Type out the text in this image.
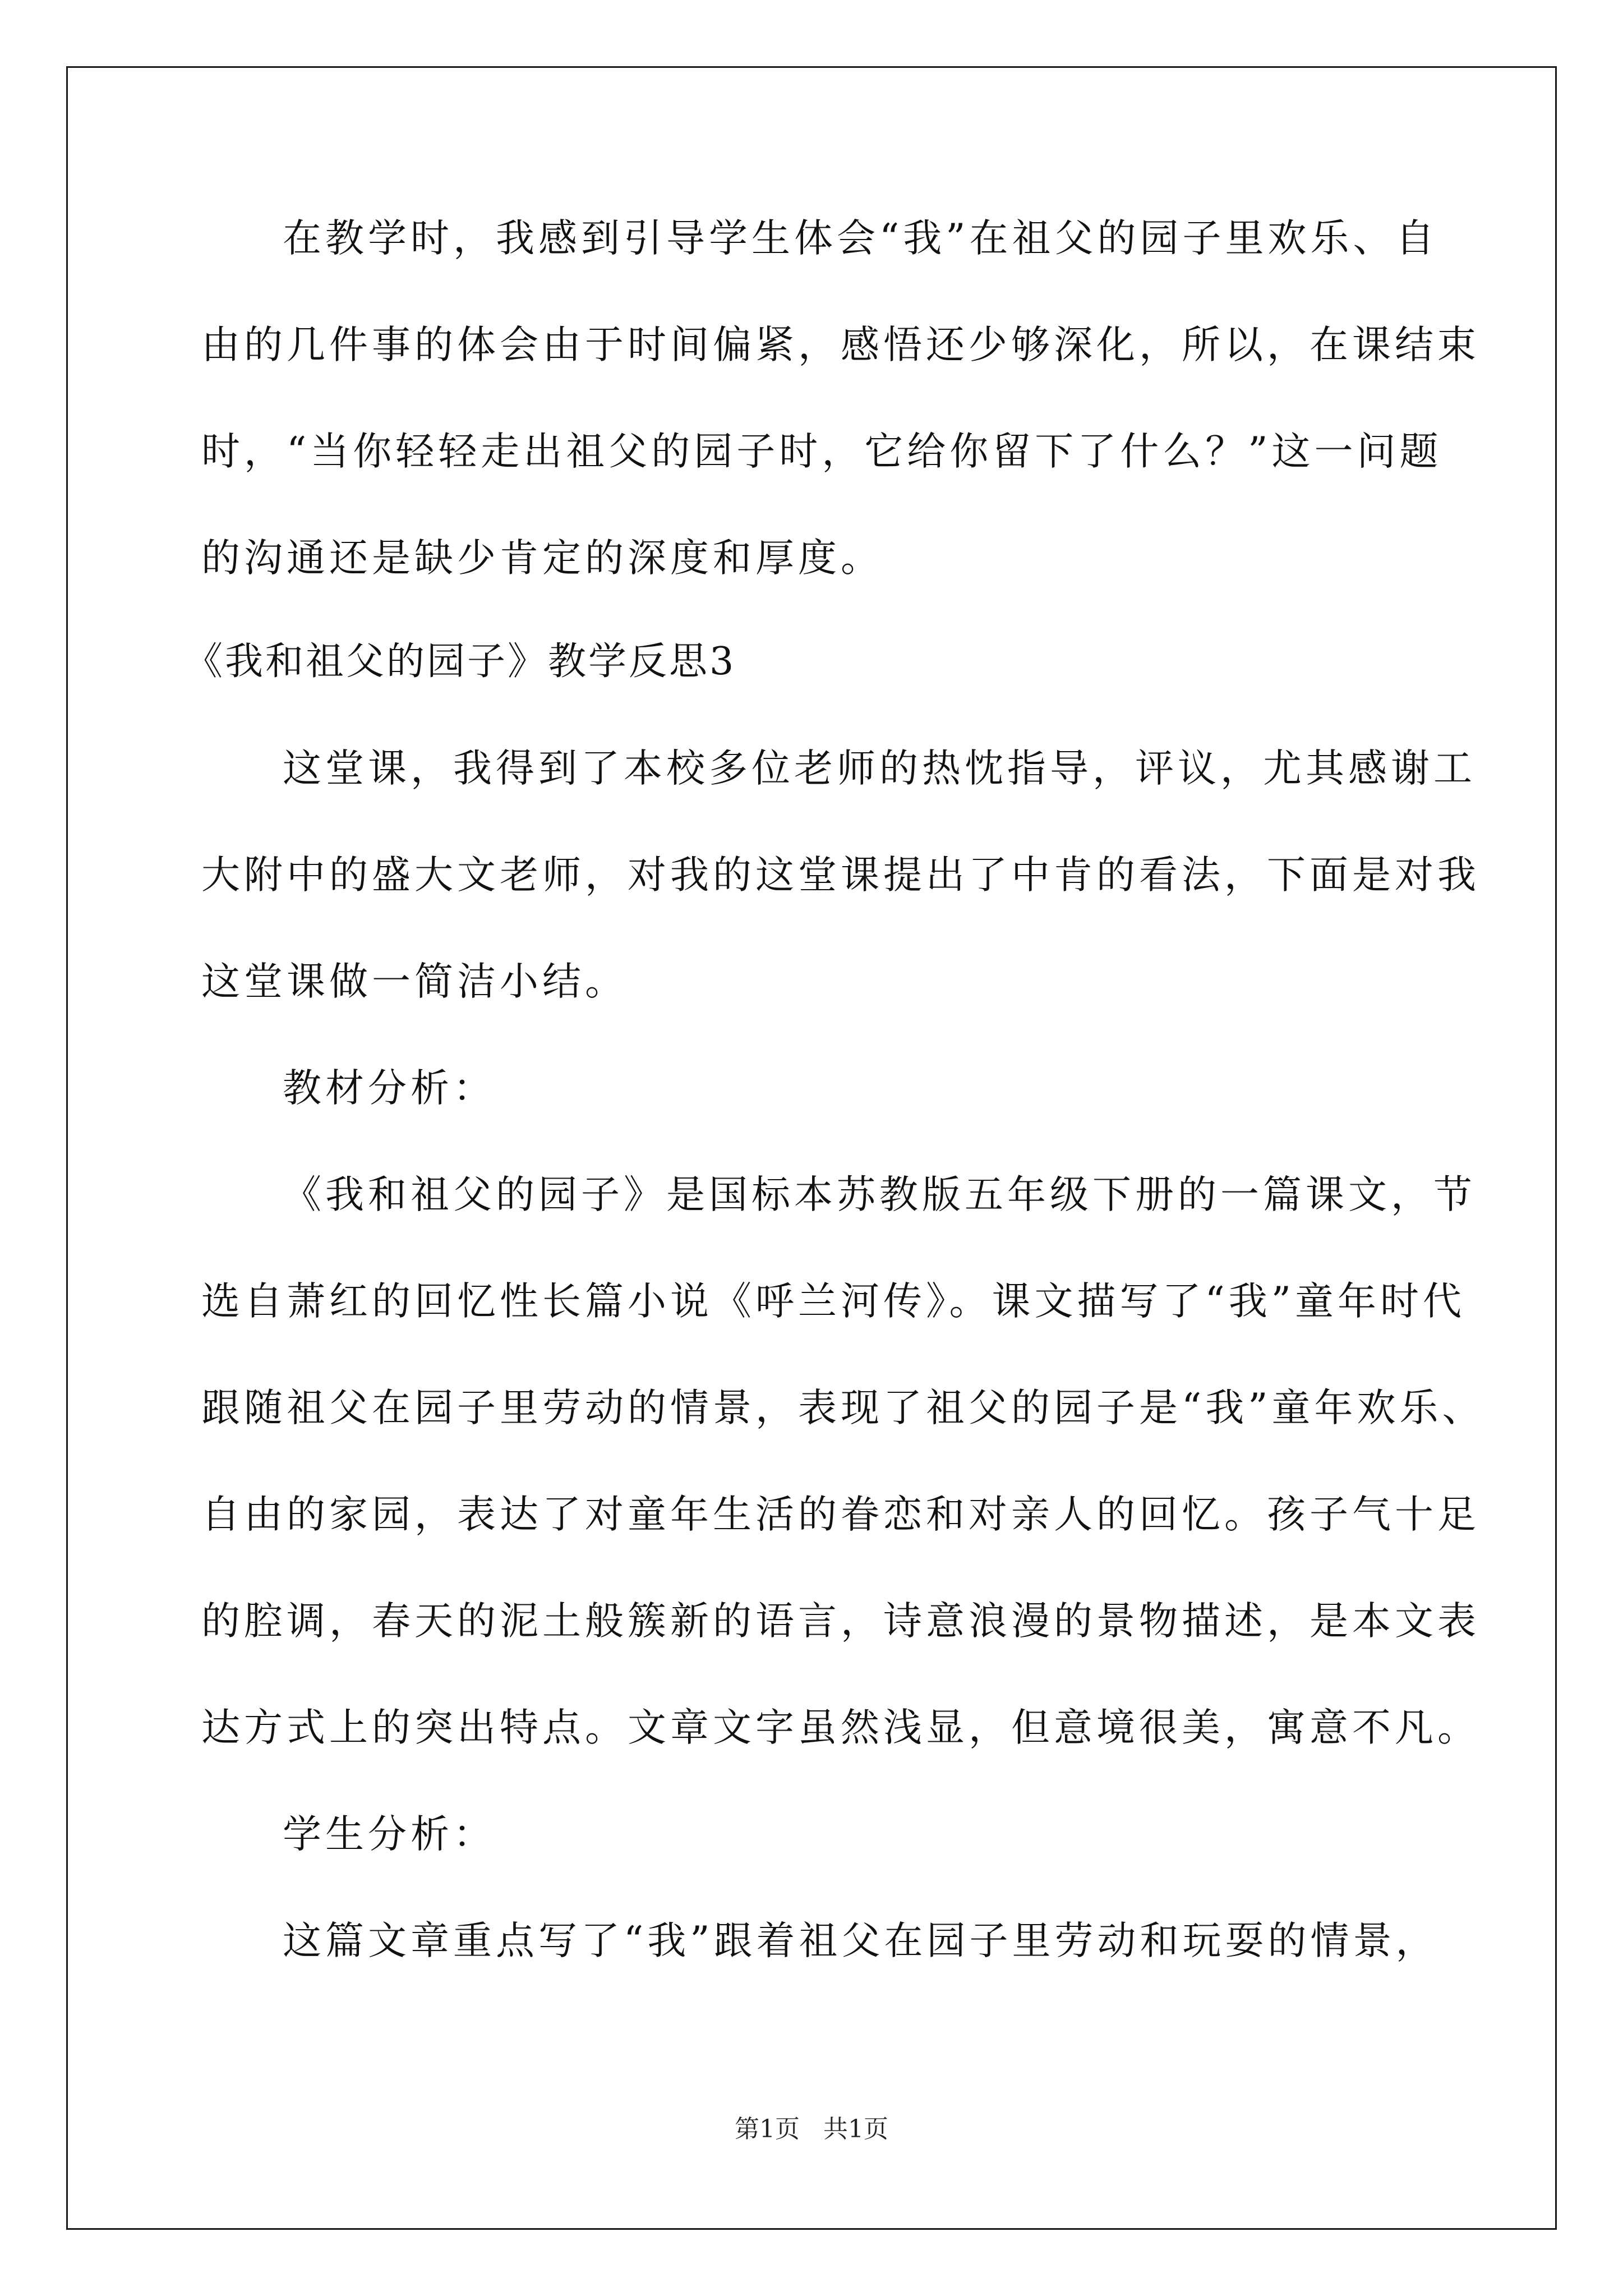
在教学时，我感到引导学生体会“我”在祖父的园子里欢乐、自
由的几件事的体会由于时间偏紧，感悟还少够深化，所以，在课结束
时，“当你轻轻走出祖父的园子时，它给你留下了什么？”这一问题
的沟通还是缺少肯定的深度和厚度。
《我和祖父的园子》教学反思3
这堂课，我得到了本校多位老师的热忱指导，评议，尤其感谢工
大附中的盛大文老师，对我的这堂课提出了中肯的看法，下面是对我
这堂课做一简洁小结。
教材分析：
《我和祖父的园子》是国标本苏教版五年级下册的一篇课文，节
选自萧红的回忆性长篇小说《呼兰河传》。课文描写了“我”童年时代
跟随祖父在园子里劳动的情景，表现了祖父的园子是“我”童年欢乐、
自由的家园，表达了对童年生活的眷恋和对亲人的回忆。孩子气十足
的腔调，春天的泥土般簇新的语言，诗意浪漫的景物描述，是本文表
达方式上的突出特点。文章文字虽然浅显，但意境很美，寓意不凡。
学生分析：
这篇文章重点写了“我”跟着祖父在园子里劳动和玩耍的情景，
第1页 共1页
